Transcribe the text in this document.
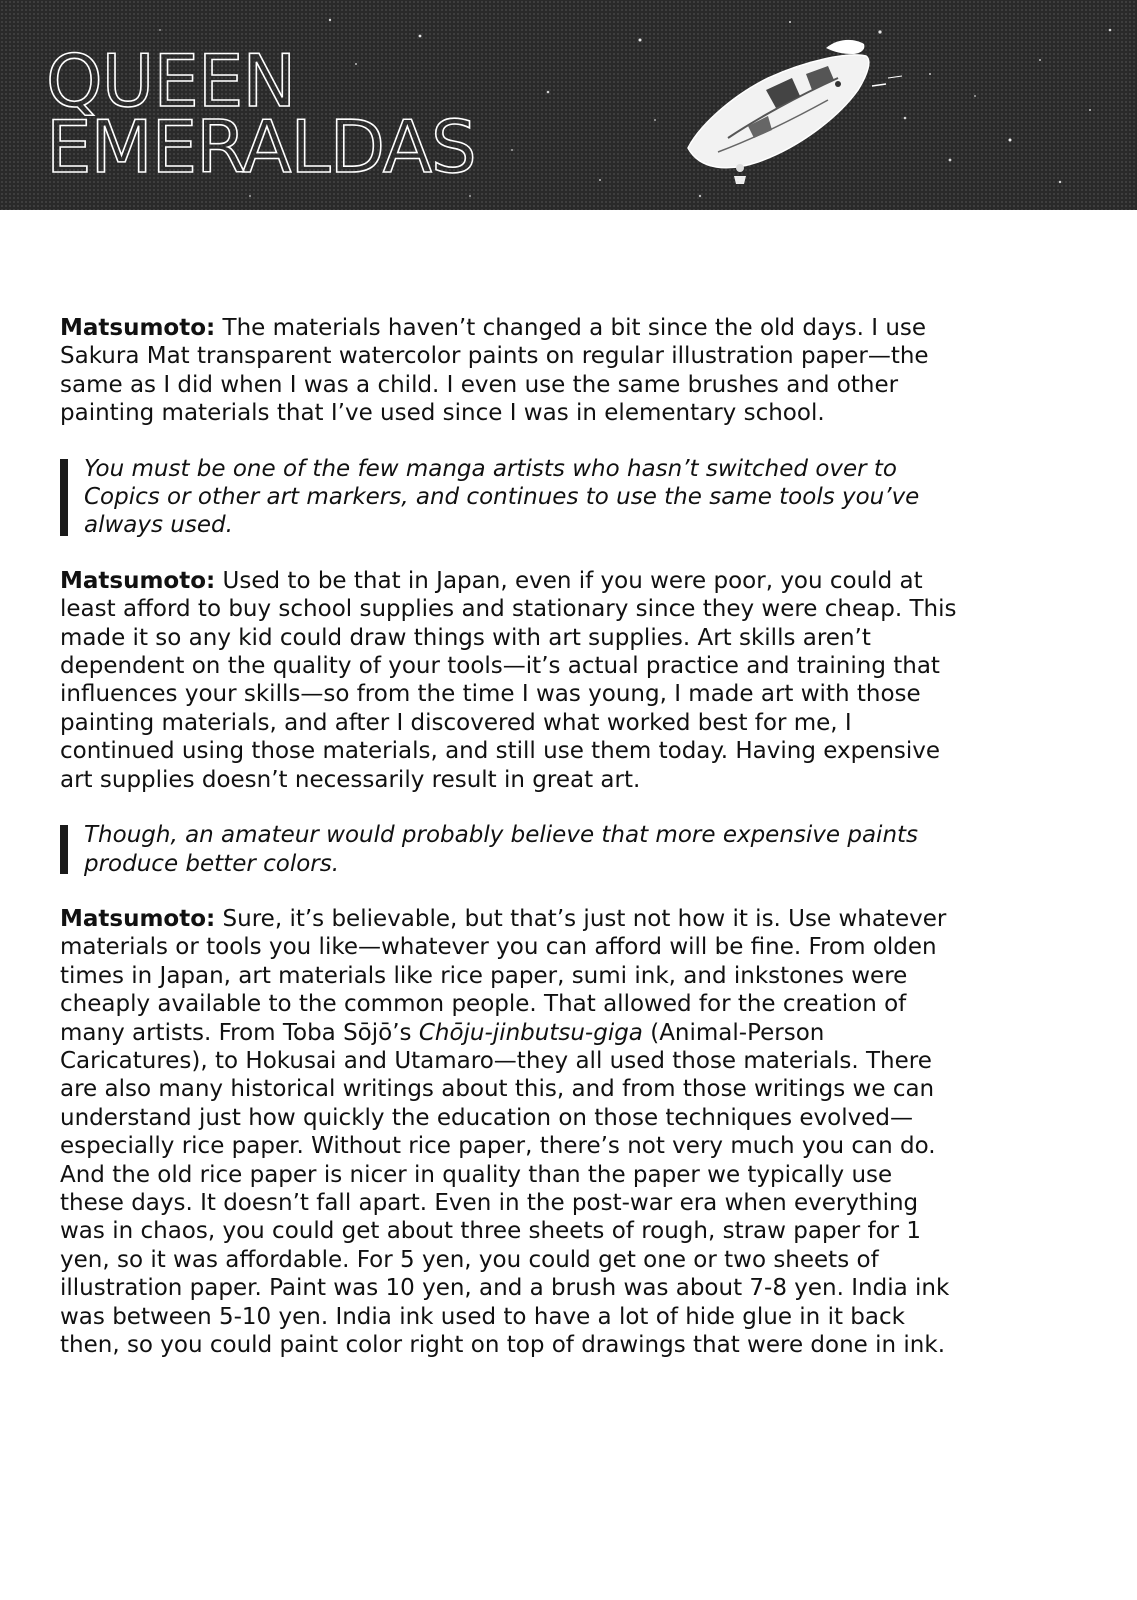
QUEEN
EMERALDAS

Matsumoto: The materials haven’t changed a bit since the old days. I use Sakura Mat transparent watercolor paints on regular illustration paper—the same as I did when I was a child. I even use the same brushes and other painting materials that I’ve used since I was in elementary school.

You must be one of the few manga artists who hasn’t switched over to Copics or other art markers, and continues to use the same tools you’ve always used.

Matsumoto: Used to be that in Japan, even if you were poor, you could at least afford to buy school supplies and stationary since they were cheap. This made it so any kid could draw things with art supplies. Art skills aren’t dependent on the quality of your tools—it’s actual practice and training that influences your skills—so from the time I was young, I made art with those painting materials, and after I discovered what worked best for me, I continued using those materials, and still use them today. Having expensive art supplies doesn’t necessarily result in great art.

Though, an amateur would probably believe that more expensive paints produce better colors.

Matsumoto: Sure, it’s believable, but that’s just not how it is. Use whatever materials or tools you like—whatever you can afford will be fine. From olden times in Japan, art materials like rice paper, sumi ink, and inkstones were cheaply available to the common people. That allowed for the creation of many artists. From Toba Sōjō’s Chōju-jinbutsu-giga (Animal-Person Caricatures), to Hokusai and Utamaro—they all used those materials. There are also many historical writings about this, and from those writings we can understand just how quickly the education on those techniques evolved—especially rice paper. Without rice paper, there’s not very much you can do. And the old rice paper is nicer in quality than the paper we typically use these days. It doesn’t fall apart. Even in the post-war era when everything was in chaos, you could get about three sheets of rough, straw paper for 1 yen, so it was affordable. For 5 yen, you could get one or two sheets of illustration paper. Paint was 10 yen, and a brush was about 7-8 yen. India ink was between 5-10 yen. India ink used to have a lot of hide glue in it back then, so you could paint color right on top of drawings that were done in ink.
